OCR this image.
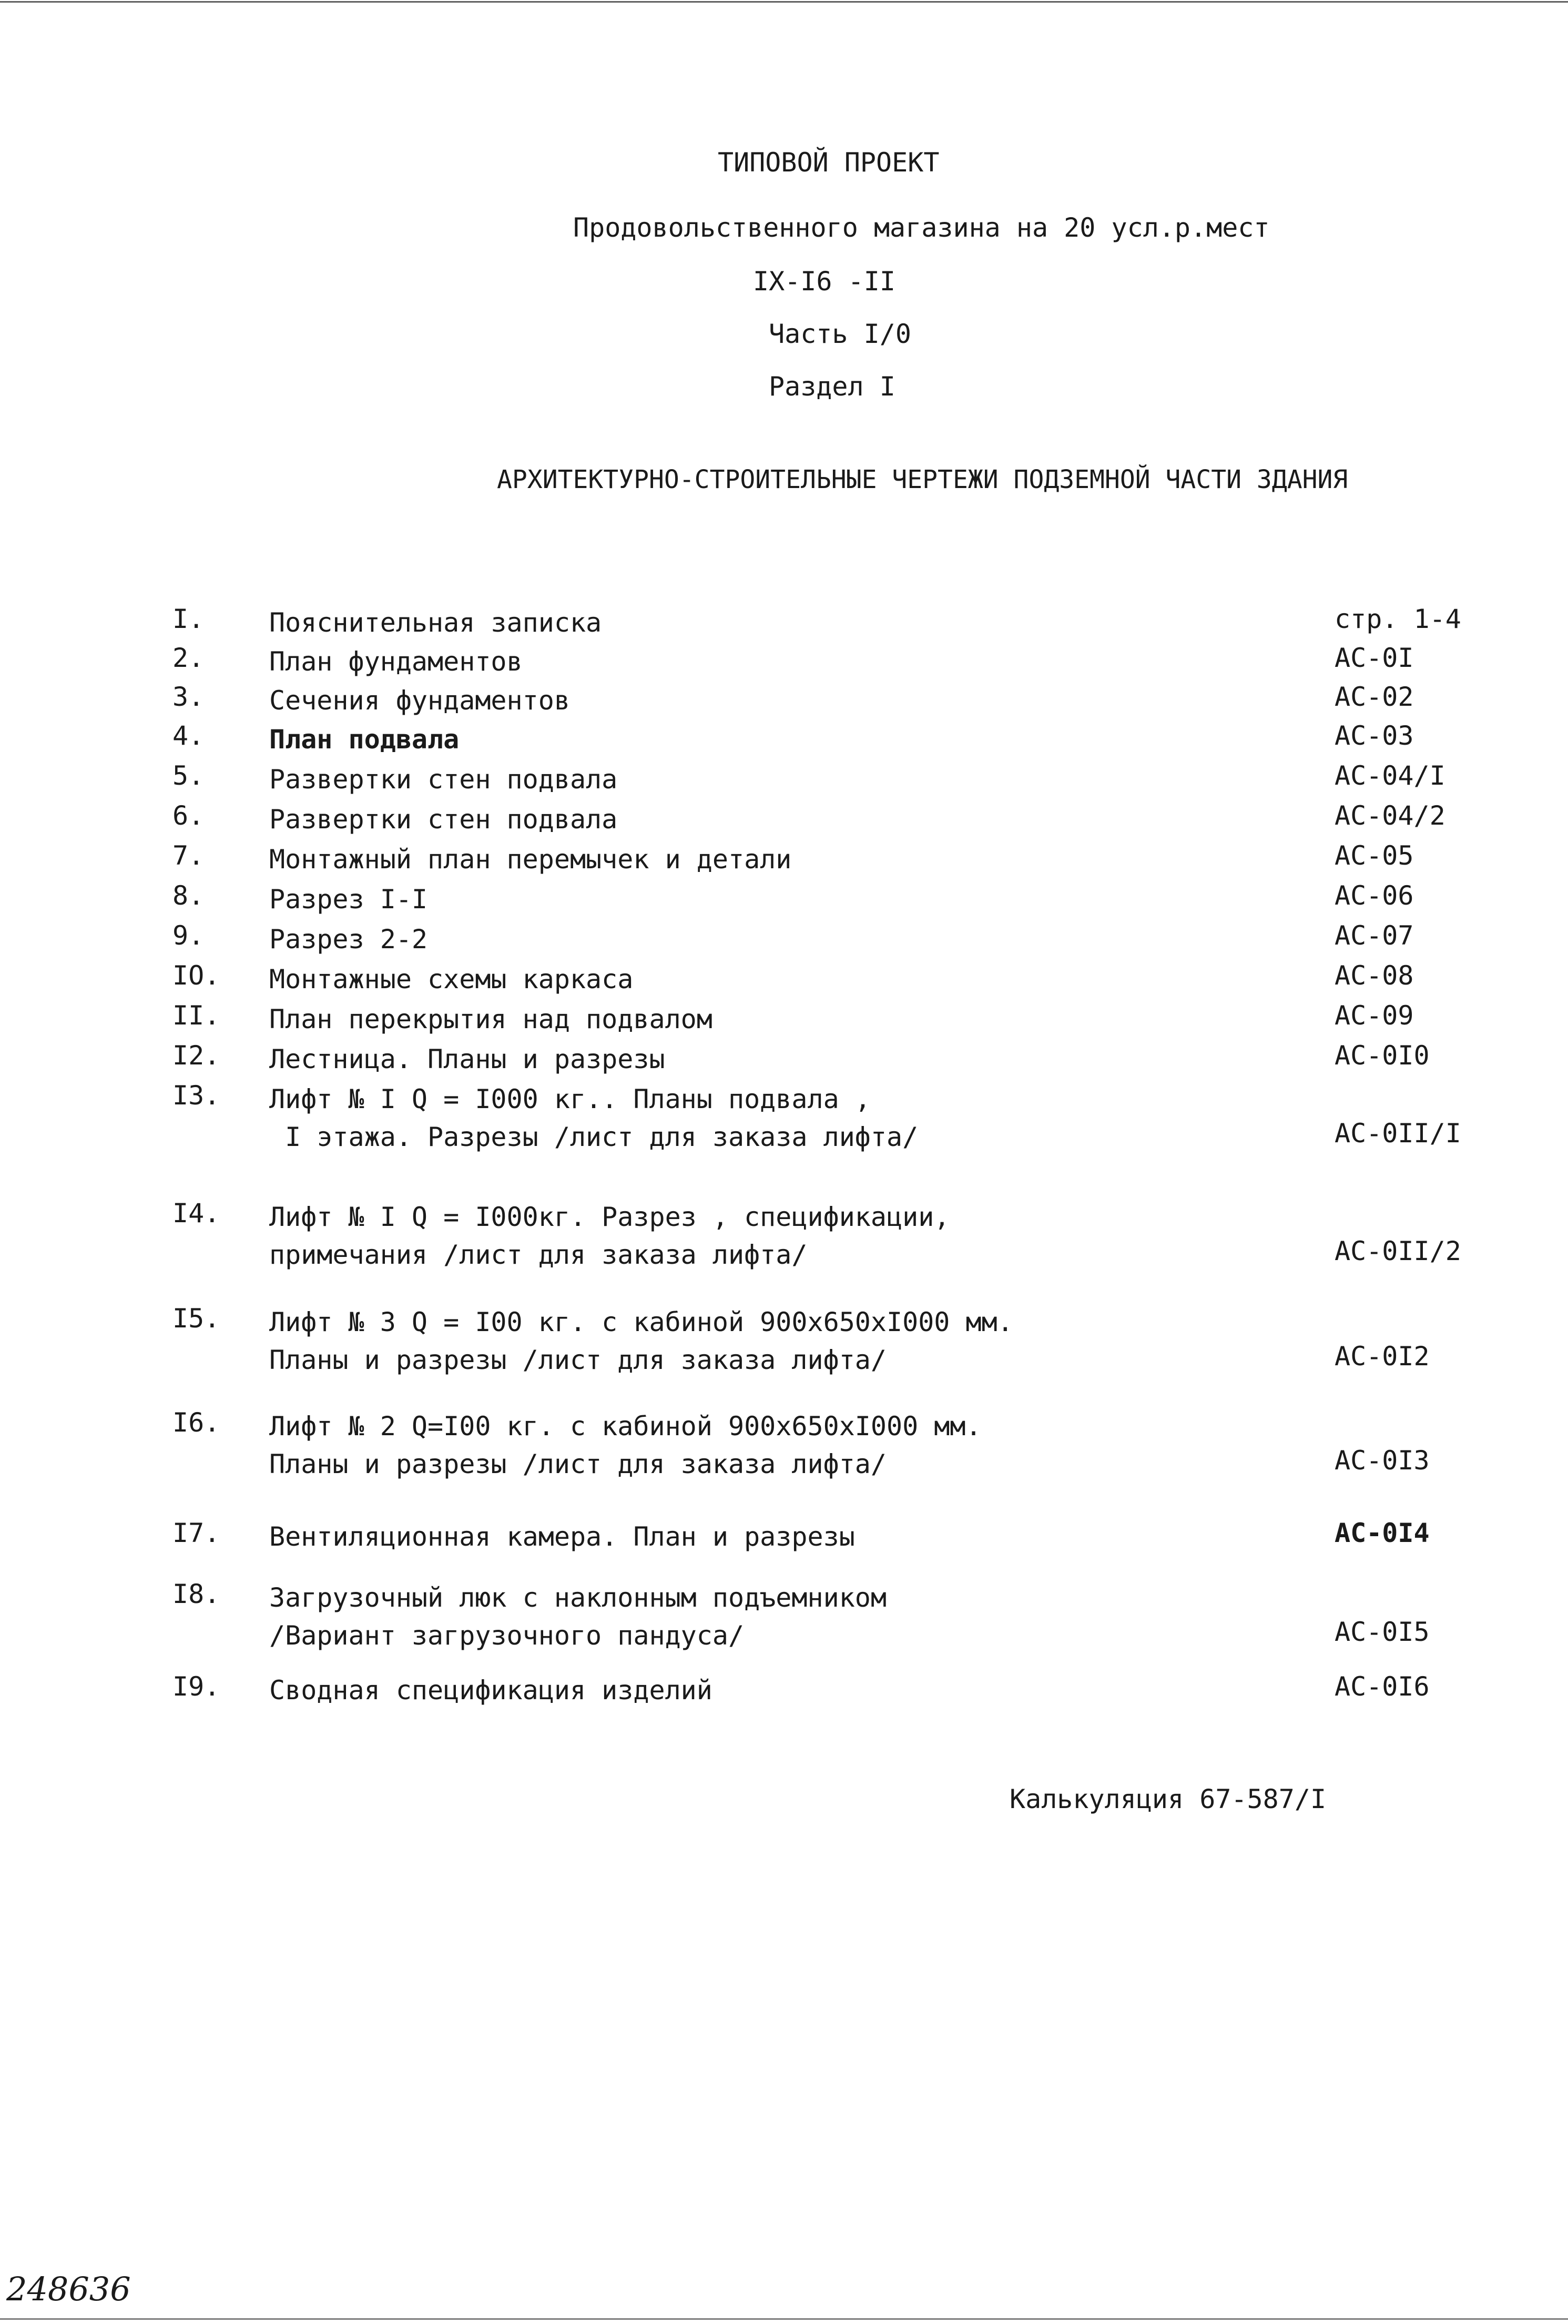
ТИПОВОЙ ПРОЕКТ
Продовольственного магазина на 20 усл.р.мест
IX-I6 -II
Часть I/0
Раздел I
АРХИТЕКТУРНО-СТРОИТЕЛЬНЫЕ ЧЕРТЕЖИ ПОДЗЕМНОЙ ЧАСТИ ЗДАНИЯ
I. Пояснительная записка	стр. 1-4
2. План фундаментов	АС-0I
3. Сечения фундаментов	АС-02
4. План подвала	АС-03
5. Развертки стен подвала	АС-04/I
6. Развертки стен подвала	АС-04/2
7. Монтажный план перемычек и детали	АС-05
8. Разрез I-I	АС-06
9. Разрез 2-2	АС-07
IO. Монтажные схемы каркаса	АС-08
II. План перекрытия над подвалом	АС-09
I2. Лестница. Планы и разрезы	АС-0I0
I3. Лифт № I Q = I000 кг.. Планы подвала ,
I этажа. Разрезы /лист для заказа лифта/	АС-0II/I
I4. Лифт № I Q = I000кг. Разрез , спецификации,
примечания /лист для заказа лифта/	АС-0II/2
I5. Лифт № 3 Q = I00 кг. с кабиной 900х650хI000 мм.
Планы и разрезы /лист для заказа лифта/	АС-0I2
I6. Лифт № 2 Q=I00 кг. с кабиной 900х650хI000 мм.
Планы и разрезы /лист для заказа лифта/	АС-0I3
I7. Вентиляционная камера. План и разрезы	АС-0I4
I8. Загрузочный люк с наклонным подъемником
/Вариант загрузочного пандуса/	АС-0I5
I9. Сводная спецификация изделий	АС-0I6
Калькуляция 67-587/I
248636
